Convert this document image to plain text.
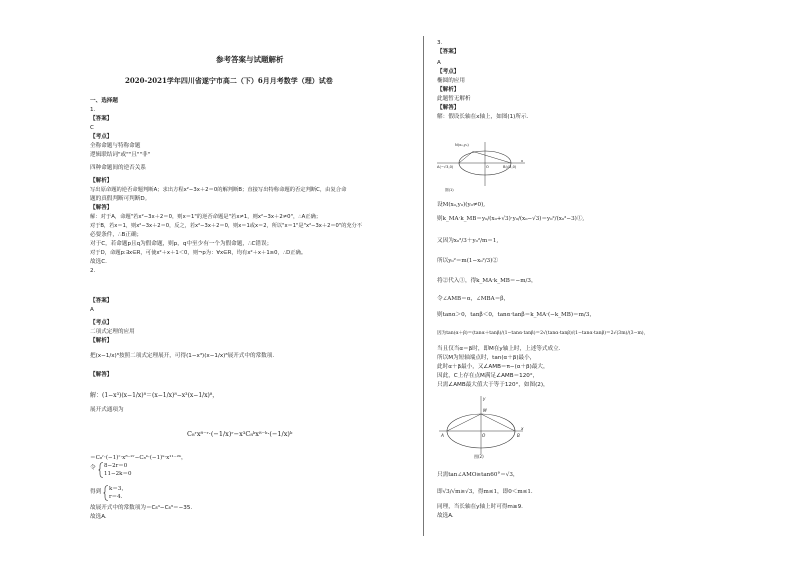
参考答案与试题解析
2020-2021学年四川省遂宁市高二（下）6月月考数学（理）试卷
一、选择题
1.
【答案】
C
【考点】
全称命题与特称命题
逻辑联结词"或""且""非"
四种命题间的逆否关系
【解析】
写出原命题的逆否命题判断A；求出方程x²−3x＋2＝0的解判断B；直接写出特称命题的否定判断C，由复合命
题的真假判断可判断D。
【解答】
解：对于A，命题"若x²−3x＋2＝0，则x＝1"的逆否命题是"若x≠1，则x²−3x＋2≠0"，∴A正确；
对于B，若x＝1，则x²−3x＋2＝0，反之，若x²−3x＋2＝0，则x＝1或x＝2，所以"x＝1"是"x²−3x＋2＝0"的充分不
必要条件，∴B正确；
对于C，若命题p且q为假命题，则p，q中至少有一个为假命题，∴C错误；
对于D，命题p:∃x∈R，可使x²＋x＋1＜0，则¬p为：∀x∈R，均有x²＋x＋1≥0，∴D正确。
故选C.
2.
【答案】
A
【考点】
二项式定理的应用
【解析】
把(x−1/x)⁸按照二项式定理展开，可得(1−x³)(x−1/x)⁸展开式中的常数项.
【解答】
解：(1−x³)(x−1/x)⁸＝(x−1/x)⁸−x³(x−1/x)⁸，
展开式通项为
C₈ʳx⁸⁻ʳ·(−1/x)ʳ−x³C₈ᵏx⁸⁻ᵏ·(−1/x)ᵏ
＝C₈ʳ·(−1)ʳ·x⁸⁻²ʳ−C₈ᵏ·(−1)ᵏ·x¹¹⁻²ᵏ，
令 8−2r＝0
11−2k＝0
得到 k＝3，
r＝4.
故展开式中的常数项为＝C₈⁴−C₈³＝−35.
故选A.
3.
【答案】
A
【考点】
椭圆的应用
【解析】
此题暂无解析
【解答】
解：假设长轴在x轴上，如图(1)所示.
N(x₀,y₀)
A(−√3,0)	O	B(√3,0)
x
图(1)
设M(x₀,y₀)(y₀≠0),
则k_MA·k_MB＝y₀/(x₀+√3)·y₀/(x₀−√3)＝y₀²/(x₀²−3)①,
又因为x₀²/3＋y₀²/m＝1,
所以y₀²＝m(1−x₀²/3)②
将②代入①，得k_MA·k_MB＝−m/3，
令∠AMB＝α，∠MBA＝β，
则tanα＞0，tanβ＜0，tanα·tanβ＝k_MA·(−k_MB)＝m/3，
因为tan(α＋β)＝(tanα＋tanβ)/(1−tanα·tanβ)＝2√(tanα·tanβ)/(1−tanα·tanβ)＝2√(3m)/(3−m)，
当且仅当α＝β时，即M在y轴上时，上述等式成立.
所以M为短轴端点时，tan(α＋β)最小，
此时α＋β最小，又∠AMB＝π−(α＋β)最大，
因此，C上存在点M满足∠AMB＝120°，
只需∠AMB最大值大于等于120°，如图(2)，
M
A	O	B
x
y
图(2)
只需tan∠AMO≥tan60°＝√3，
即√3/√m≥√3，得m≤1，即0＜m≤1.
同理，当长轴在y轴上时可得m≥9.
故选A.
